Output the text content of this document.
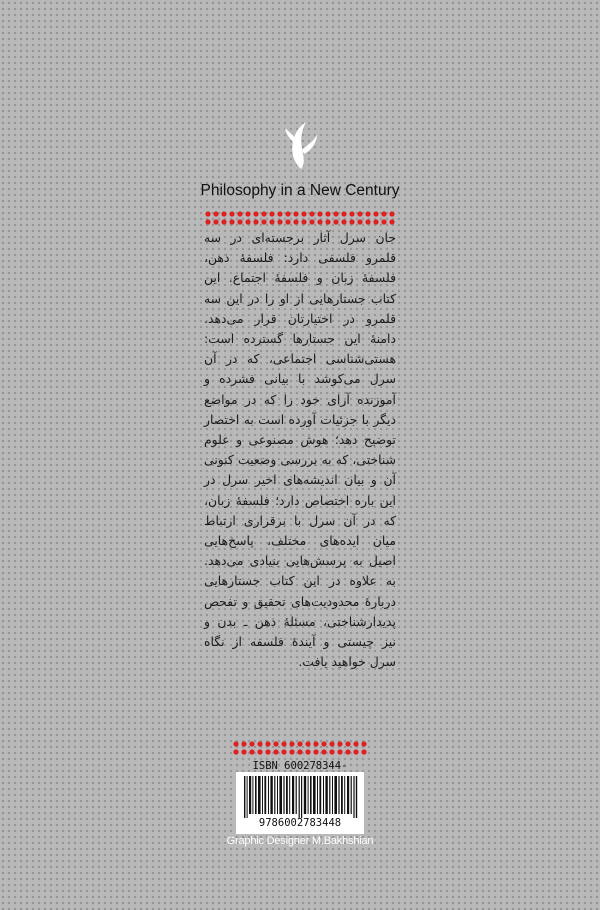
Philosophy in a New Century
جان سرل آثار برجسته‌ای در سه قلمرو فلسفی دارد: فلسفهٔ ذهن، فلسفهٔ زبان و فلسفهٔ اجتماع. این کتاب جستارهایی از او را در این سه قلمرو در اختیارتان قرار می‌دهد. دامنهٔ این جستارها گسترده است: هستی‌شناسی اجتماعی، که در آن سرل می‌کوشد با بیانی فشرده و آموزنده آرای خود را که در مواضع دیگر با جزئیات آورده است به اختصار توضیح دهد؛ هوش مصنوعی و علوم شناختی، که به بررسی وضعیت کنونی آن و بیان اندیشه‌های اخیر سرل در این باره اختصاص دارد؛ فلسفهٔ زبان، که در آن سرل با برقراری ارتباط میان ایده‌های مختلف، پاسخ‌هایی اصیل به پرسش‌هایی بنیادی می‌دهد. به علاوه در این کتاب جستارهایی دربارهٔ محدودیت‌های تحقیق و تفحص پدیدارشناختی، مسئلهٔ ذهن ـ بدن و نیز چیستی و آیندهٔ فلسفه از نگاه سرل خواهید یافت.
ISBN 600278344-
9786002783448
Graphic Designer M.Bakhshian
